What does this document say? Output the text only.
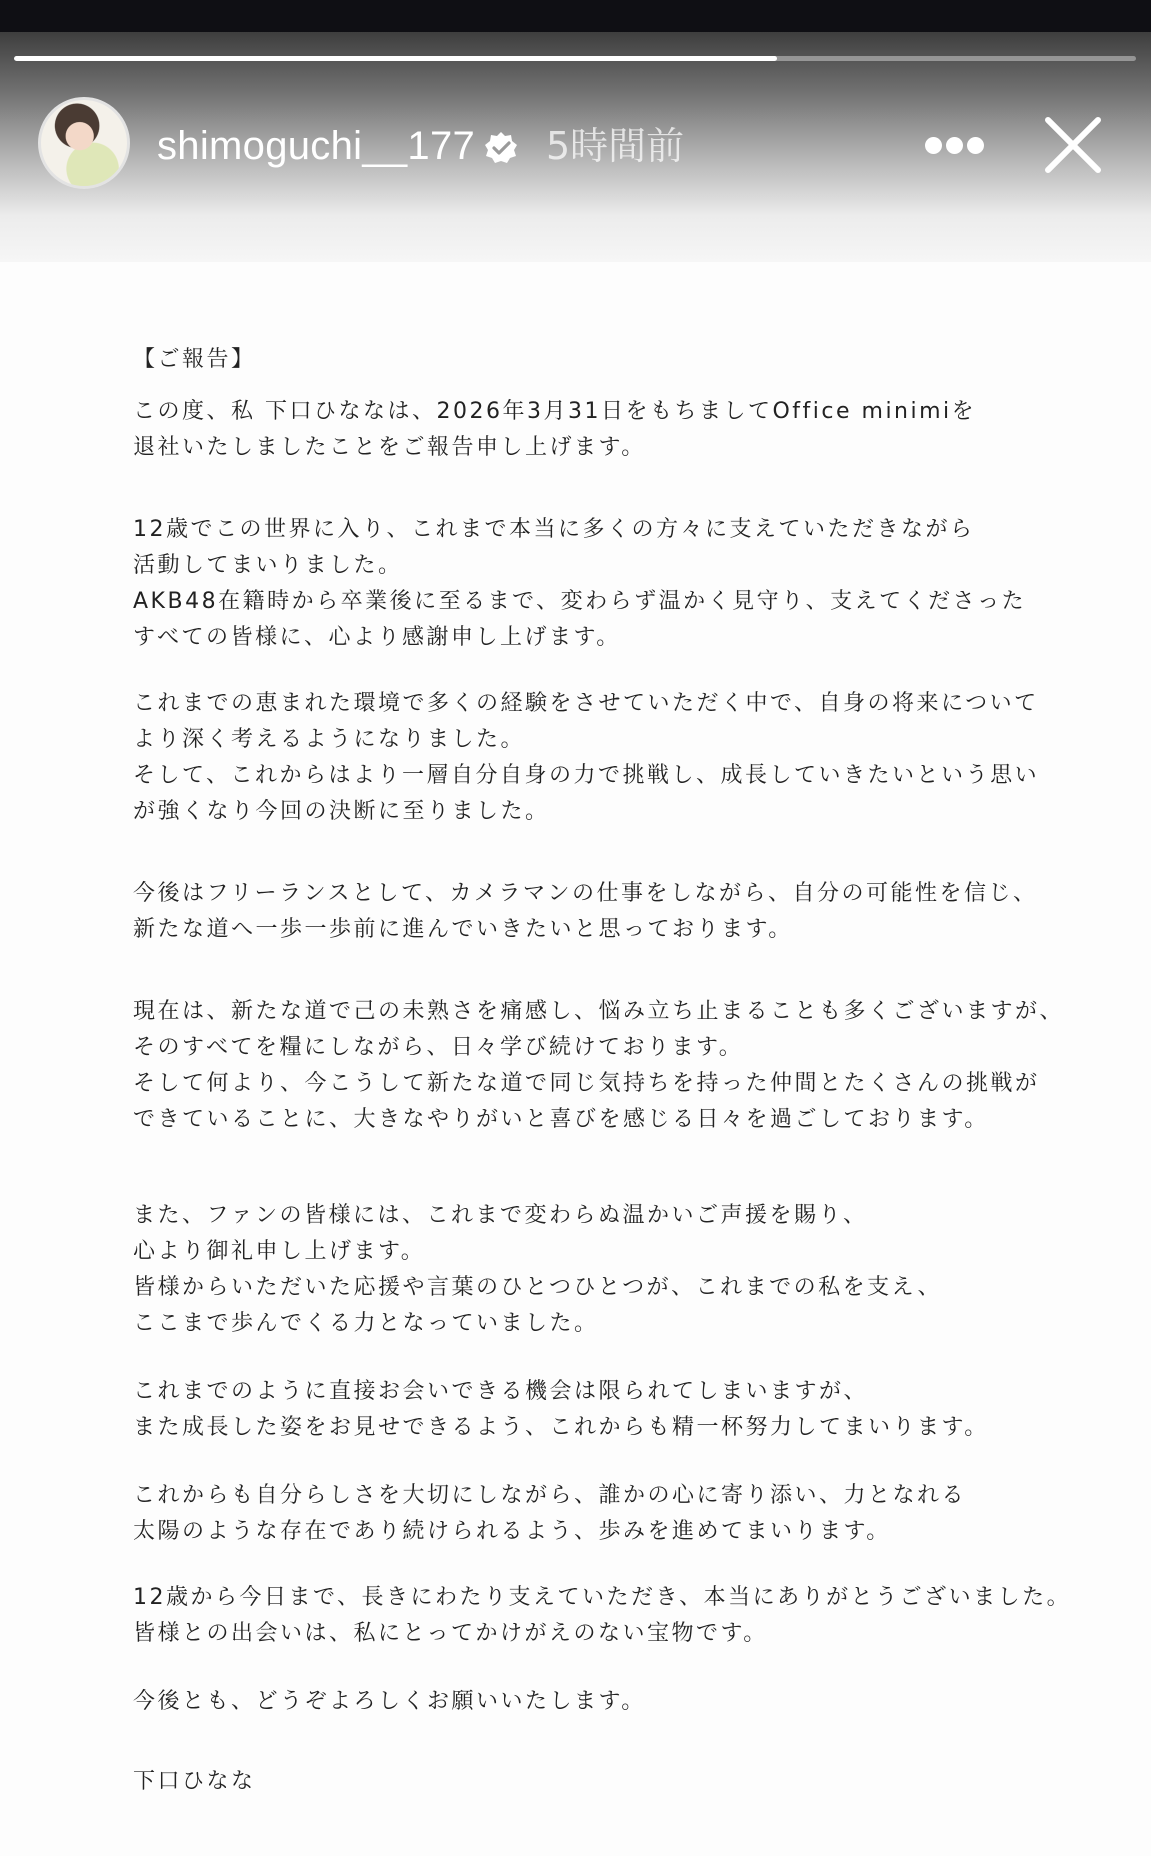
shimoguchi__177 5時間前
【ご報告】
この度、私 下口ひななは、2026年3月31日をもちましてOffice minimiを
退社いたしましたことをご報告申し上げます。
12歳でこの世界に入り、これまで本当に多くの方々に支えていただきながら
活動してまいりました。
AKB48在籍時から卒業後に至るまで、変わらず温かく見守り、支えてくださった
すべての皆様に、心より感謝申し上げます。
これまでの恵まれた環境で多くの経験をさせていただく中で、自身の将来について
より深く考えるようになりました。
そして、これからはより一層自分自身の力で挑戦し、成長していきたいという思い
が強くなり今回の決断に至りました。
今後はフリーランスとして、カメラマンの仕事をしながら、自分の可能性を信じ、
新たな道へ一歩一歩前に進んでいきたいと思っております。
現在は、新たな道で己の未熟さを痛感し、悩み立ち止まることも多くございますが、
そのすべてを糧にしながら、日々学び続けております。
そして何より、今こうして新たな道で同じ気持ちを持った仲間とたくさんの挑戦が
できていることに、大きなやりがいと喜びを感じる日々を過ごしております。
また、ファンの皆様には、これまで変わらぬ温かいご声援を賜り、
心より御礼申し上げます。
皆様からいただいた応援や言葉のひとつひとつが、これまでの私を支え、
ここまで歩んでくる力となっていました。
これまでのように直接お会いできる機会は限られてしまいますが、
また成長した姿をお見せできるよう、これからも精一杯努力してまいります。
これからも自分らしさを大切にしながら、誰かの心に寄り添い、力となれる
太陽のような存在であり続けられるよう、歩みを進めてまいります。
12歳から今日まで、長きにわたり支えていただき、本当にありがとうございました。
皆様との出会いは、私にとってかけがえのない宝物です。
今後とも、どうぞよろしくお願いいたします。
下口ひなな
